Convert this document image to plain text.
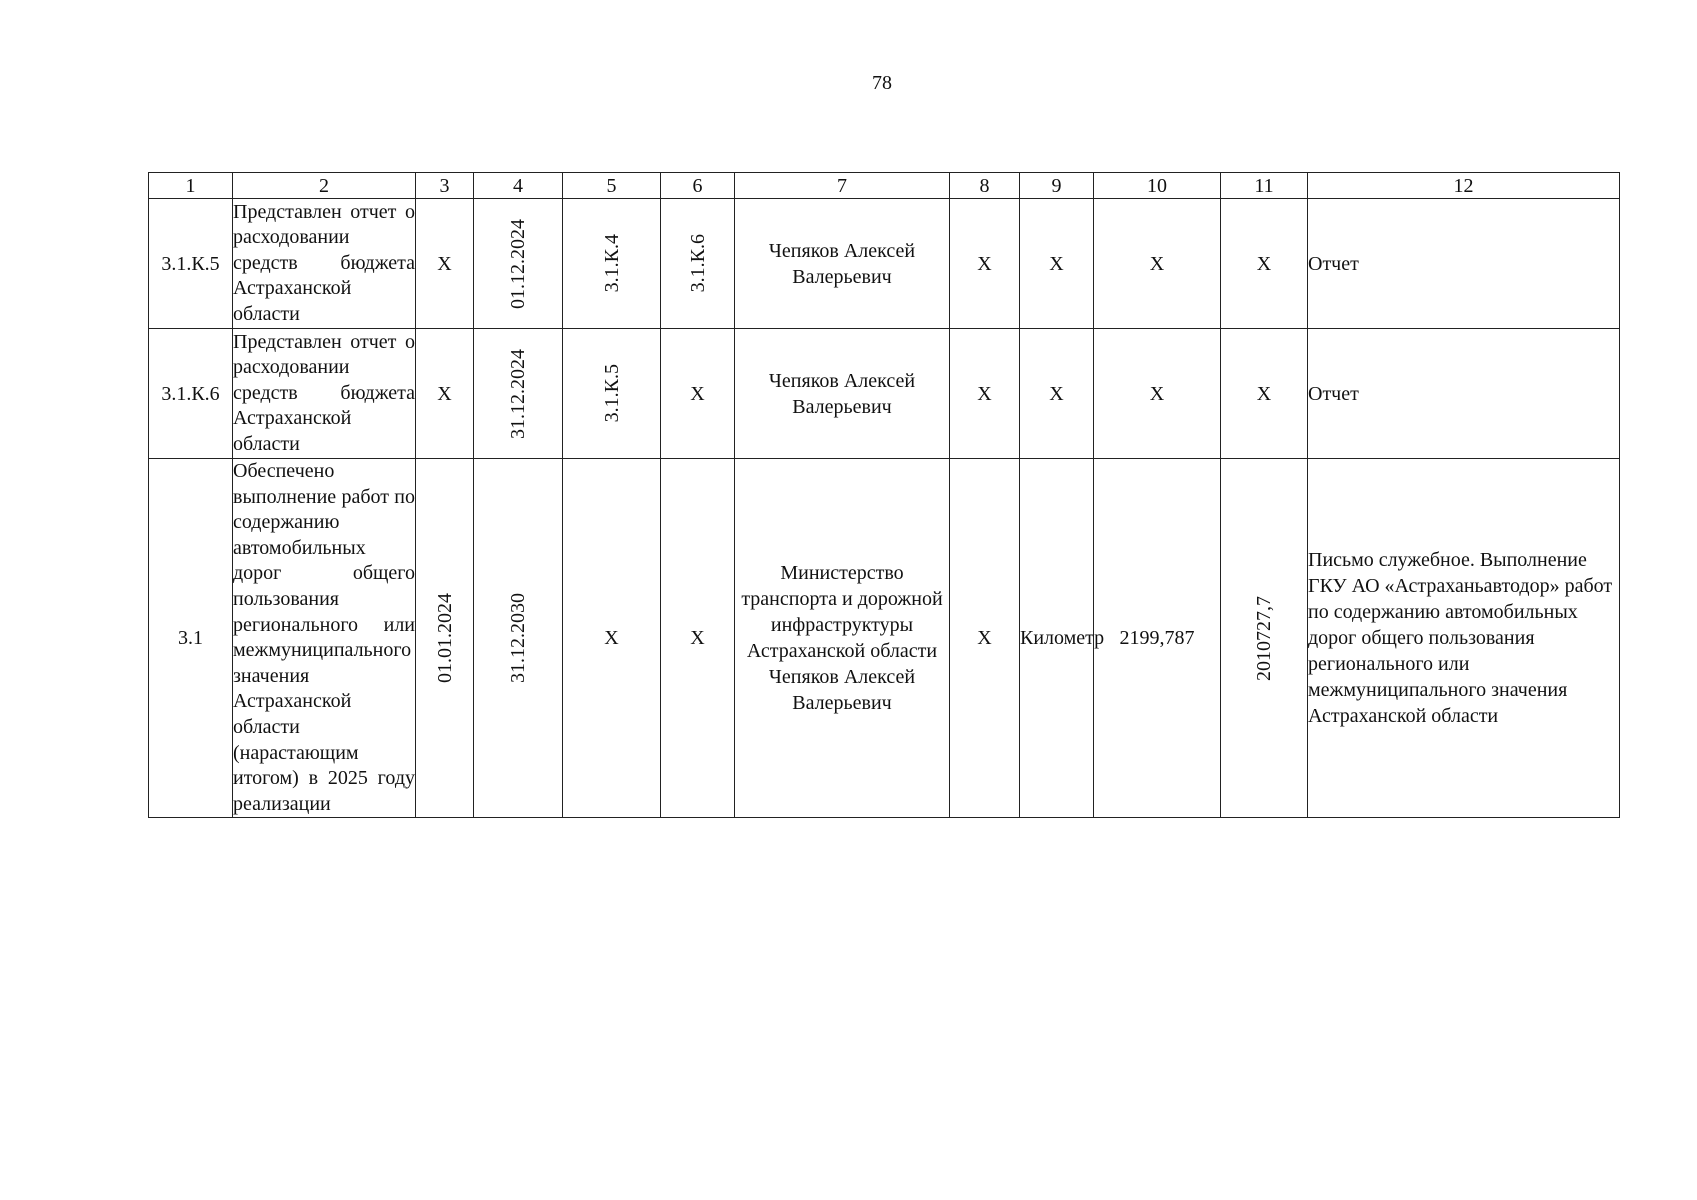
78
1	2	3	4	5	6	7	8	9	10	11	12
3.1.К.5	Представлен отчет о расходовании средств бюджета Астраханской области	Х	01.12.2024	3.1.К.4	3.1.К.6	Чепяков Алексей Валерьевич	Х	Х	Х	Х	Отчет
3.1.К.6	Представлен отчет о расходовании средств бюджета Астраханской области	Х	31.12.2024	3.1.К.5	Х	Чепяков Алексей Валерьевич	Х	Х	Х	Х	Отчет
3.1	Обеспечено выполнение работ по содержанию автомобильных дорог общего пользования регионального или межмуниципального значения Астраханской области (нарастающим итогом) в 2025 году реализации	01.01.2024	31.12.2030	Х	Х	Министерство транспорта и дорожной инфраструктуры Астраханской области Чепяков Алексей Валерьевич	Х	Километр	2199,787	2010727,7	Письмо служебное. Выполнение ГКУ АО «Астраханьавтодор» работ по содержанию автомобильных дорог общего пользования регионального или межмуниципального значения Астраханской области
